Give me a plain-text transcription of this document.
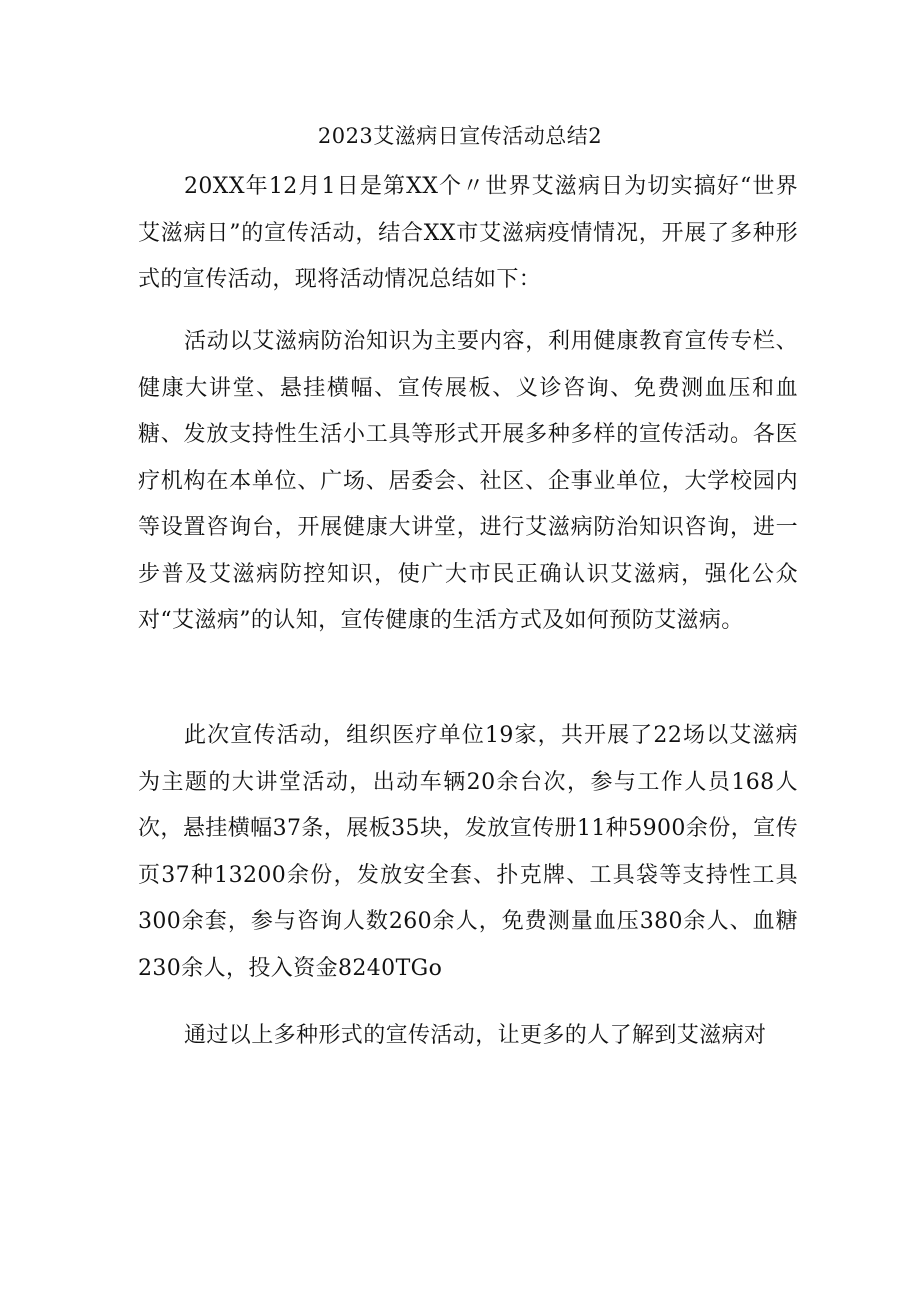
2023艾滋病日宣传活动总结2

20XX年12月1日是第XX个〃世界艾滋病日为切实搞好“世界艾滋病日”的宣传活动，结合XX市艾滋病疫情情况，开展了多种形式的宣传活动，现将活动情况总结如下：

活动以艾滋病防治知识为主要内容，利用健康教育宣传专栏、健康大讲堂、悬挂横幅、宣传展板、义诊咨询、免费测血压和血糖、发放支持性生活小工具等形式开展多种多样的宣传活动。各医疗机构在本单位、广场、居委会、社区、企事业单位，大学校园内等设置咨询台，开展健康大讲堂，进行艾滋病防治知识咨询，进一步普及艾滋病防控知识，使广大市民正确认识艾滋病，强化公众对“艾滋病”的认知，宣传健康的生活方式及如何预防艾滋病。

此次宣传活动，组织医疗单位19家，共开展了22场以艾滋病为主题的大讲堂活动，出动车辆20余台次，参与工作人员168人次，悬挂横幅37条，展板35块，发放宣传册11种5900余份，宣传页37种13200余份，发放安全套、扑克牌、工具袋等支持性工具300余套，参与咨询人数260余人，免费测量血压380余人、血糖230余人，投入资金8240TGo

通过以上多种形式的宣传活动，让更多的人了解到艾滋病对
